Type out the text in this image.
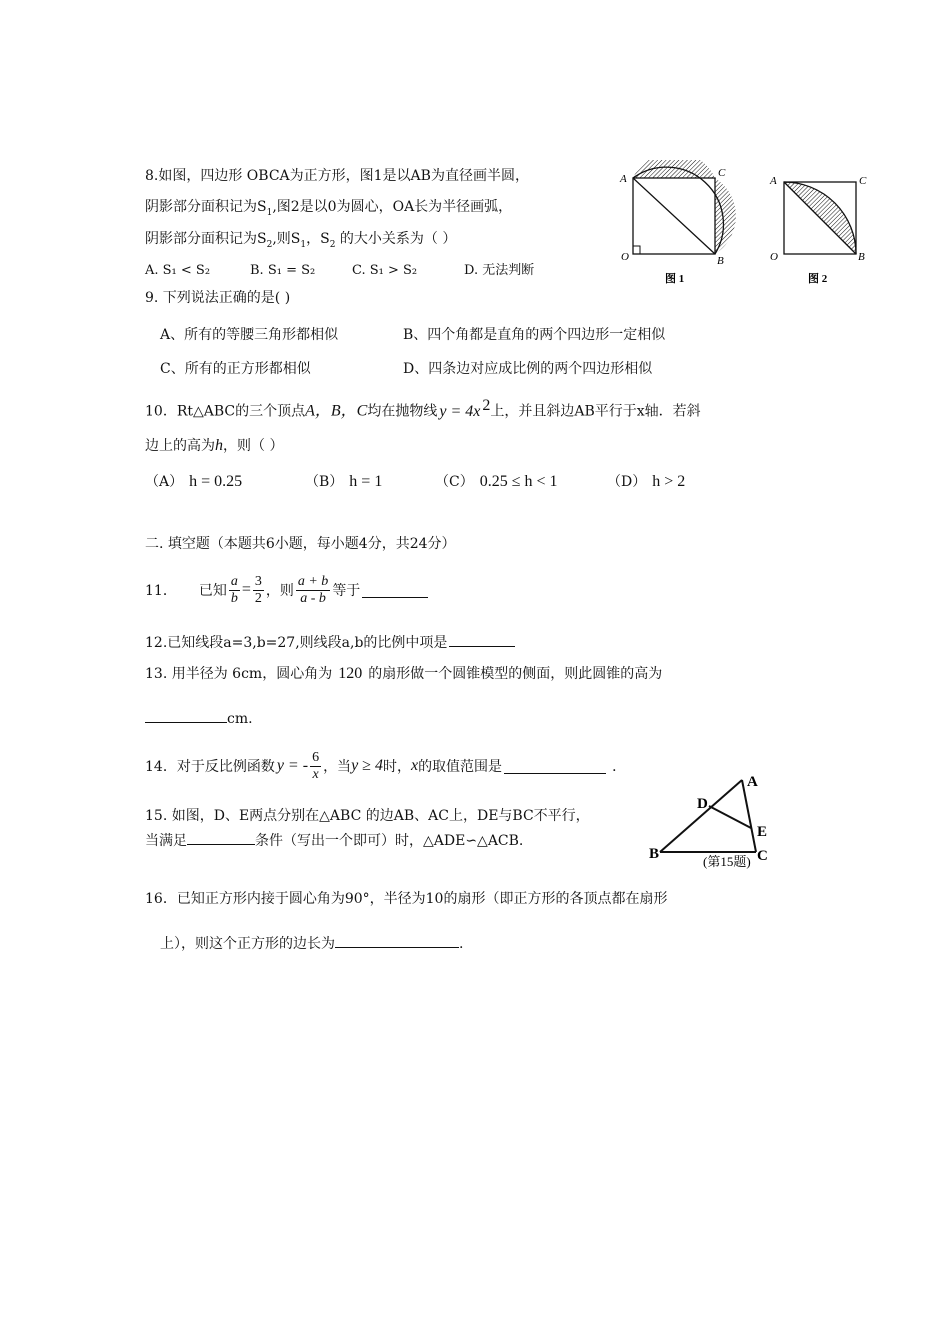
8.如图，四边形 OBCA为正方形，图1是以AB为直径画半圆，
阴影部分面积记为$S_1$,图2是以0为圆心，OA长为半径画弧，
阴影部分面积记为$S_2$,则$S_1$，$S_2$ 的大小关系为（ ）
A. S₁ < S₂	B. S₁ = S₂	C. S₁ > S₂	D. 无法判断
A	C
O	B
图 1
A	C
O	B
图 2
9. 下列说法正确的是( )
A、所有的等腰三角形都相似	B、四个角都是直角的两个四边形一定相似
C、所有的正方形都相似	D、四条边对应成比例的两个四边形相似
10．Rt△ABC的三个顶点A，B，C均在抛物线 y = 4x $^2$上，并且斜边AB平行于x轴．若斜
边上的高为h，则（ ）
（A） h = 0.25	（B） h = 1	（C） 0.25 ≤ h < 1	（D） h > 2
二. 填空题（本题共6小题，每小题4分，共24分）
11． 已知 $\frac{a}{b} = \frac{3}{2}$ ，则 $\frac{a + b}{a - b}$ 等于
12.已知线段a=3,b=27,则线段a,b的比例中项是
13. 用半径为 6cm，圆心角为 120 的扇形做一个圆锥模型的侧面，则此圆锥的高为
cm.
14．对于反比例函数 y = - $\frac{6}{x}$ ，当 y ≥ 4 时， x 的取值范围是	．
15. 如图，D、E两点分别在△ABC 的边AB、AC上，DE与BC不平行，
当满足	条件（写出一个即可）时，△ADE∽△ACB.
A
D
E
B	C
(第15题)
16．已知正方形内接于圆心角为90°，半径为10的扇形（即正方形的各顶点都在扇形
上），则这个正方形的边长为	.
